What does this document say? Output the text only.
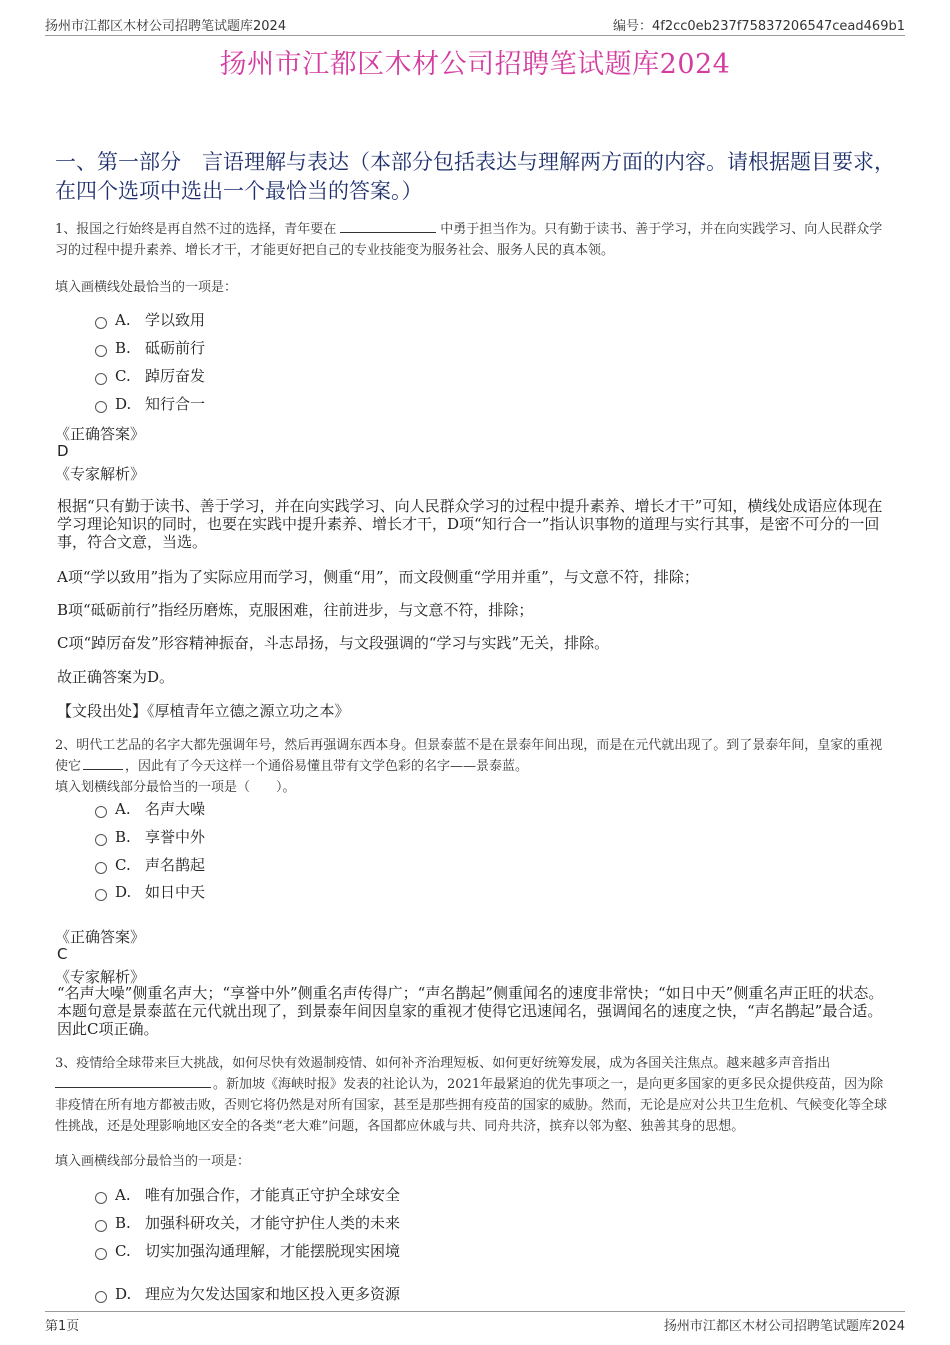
扬州市江都区木材公司招聘笔试题库2024	编号：4f2cc0eb237f75837206547cead469b1
扬州市江都区木材公司招聘笔试题库2024
一、第一部分　言语理解与表达（本部分包括表达与理解两方面的内容。请根据题目要求，在四个选项中选出一个最恰当的答案。）
1、报国之行始终是再自然不过的选择，青年要在	中勇于担当作为。只有勤于读书、善于学习，并在向实践学习、向人民群众学习的过程中提升素养、增长才干，才能更好把自己的专业技能变为服务社会、服务人民的真本领。
填入画横线处最恰当的一项是：
A. 学以致用
B. 砥砺前行
C. 踔厉奋发
D. 知行合一
《正确答案》
D
《专家解析》
根据“只有勤于读书、善于学习，并在向实践学习、向人民群众学习的过程中提升素养、增长才干”可知，横线处成语应体现在学习理论知识的同时，也要在实践中提升素养、增长才干，D项“知行合一”指认识事物的道理与实行其事，是密不可分的一回事，符合文意，当选。
A项“学以致用”指为了实际应用而学习，侧重“用”，而文段侧重“学用并重”，与文意不符，排除；
B项“砥砺前行”指经历磨炼，克服困难，往前进步，与文意不符，排除；
C项“踔厉奋发”形容精神振奋，斗志昂扬，与文段强调的“学习与实践”无关，排除。
故正确答案为D。
【文段出处】《厚植青年立德之源立功之本》
2、明代工艺品的名字大都先强调年号，然后再强调东西本身。但景泰蓝不是在景泰年间出现，而是在元代就出现了。到了景泰年间，皇家的重视使它	，因此有了今天这样一个通俗易懂且带有文学色彩的名字——景泰蓝。
填入划横线部分最恰当的一项是（　　）。
A. 名声大噪
B. 享誉中外
C. 声名鹊起
D. 如日中天
《正确答案》
C
《专家解析》
“名声大噪”侧重名声大；“享誉中外”侧重名声传得广；“声名鹊起”侧重闻名的速度非常快；“如日中天”侧重名声正旺的状态。本题句意是景泰蓝在元代就出现了，到景泰年间因皇家的重视才使得它迅速闻名，强调闻名的速度之快，“声名鹊起”最合适。因此C项正确。
3、疫情给全球带来巨大挑战，如何尽快有效遏制疫情、如何补齐治理短板、如何更好统筹发展，成为各国关注焦点。越来越多声音指出。新加坡《海峡时报》发表的社论认为，2021年最紧迫的优先事项之一，是向更多国家的更多民众提供疫苗，因为除非疫情在所有地方都被击败，否则它将仍然是对所有国家，甚至是那些拥有疫苗的国家的威胁。然而，无论是应对公共卫生危机、气候变化等全球性挑战，还是处理影响地区安全的各类“老大难”问题，各国都应休戚与共、同舟共济，摈弃以邻为壑、独善其身的思想。
填入画横线部分最恰当的一项是：
A. 唯有加强合作，才能真正守护全球安全
B. 加强科研攻关，才能守护住人类的未来
C. 切实加强沟通理解，才能摆脱现实困境
D. 理应为欠发达国家和地区投入更多资源
第1页	扬州市江都区木材公司招聘笔试题库2024
